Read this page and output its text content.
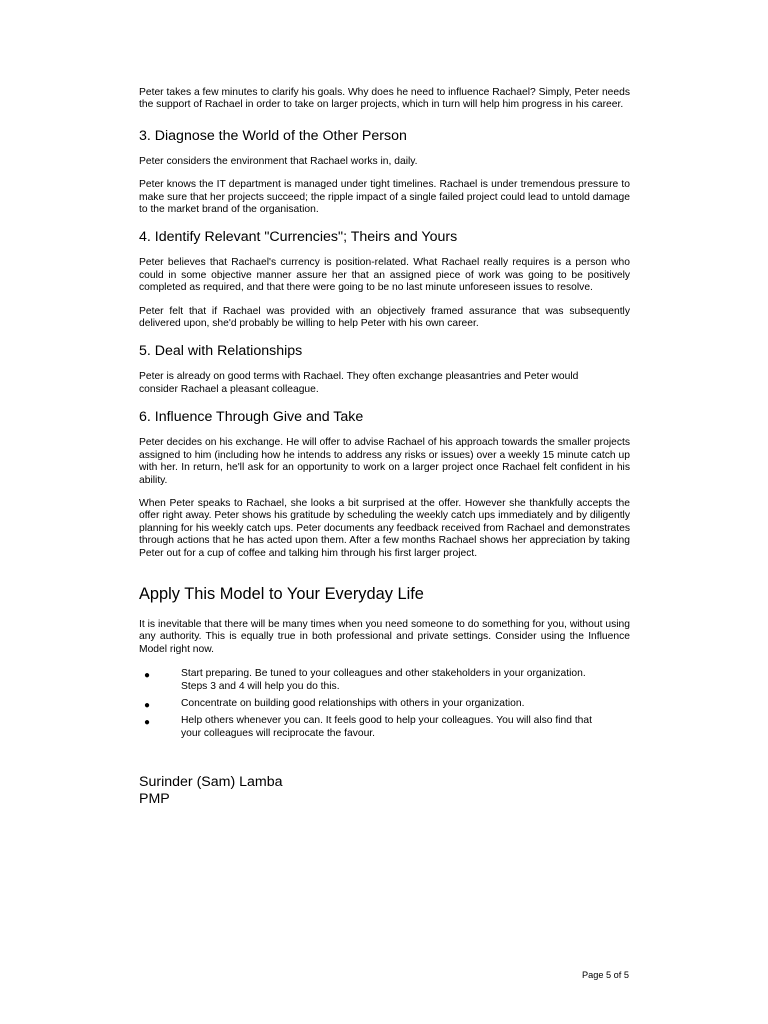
Peter takes a few minutes to clarify his goals. Why does he need to influence Rachael? Simply, Peter needs the support of Rachael in order to take on larger projects, which in turn will help him progress in his career.

3. Diagnose the World of the Other Person

Peter considers the environment that Rachael works in, daily.

Peter knows the IT department is managed under tight timelines. Rachael is under tremendous pressure to make sure that her projects succeed; the ripple impact of a single failed project could lead to untold damage to the market brand of the organisation.

4. Identify Relevant "Currencies"; Theirs and Yours

Peter believes that Rachael's currency is position-related. What Rachael really requires is a person who could in some objective manner assure her that an assigned piece of work was going to be positively completed as required, and that there were going to be no last minute unforeseen issues to resolve.

Peter felt that if Rachael was provided with an objectively framed assurance that was subsequently delivered upon, she'd probably be willing to help Peter with his own career.

5. Deal with Relationships

Peter is already on good terms with Rachael. They often exchange pleasantries and Peter would consider Rachael a pleasant colleague.

6. Influence Through Give and Take

Peter decides on his exchange. He will offer to advise Rachael of his approach towards the smaller projects assigned to him (including how he intends to address any risks or issues) over a weekly 15 minute catch up with her. In return, he'll ask for an opportunity to work on a larger project once Rachael felt confident in his ability.

When Peter speaks to Rachael, she looks a bit surprised at the offer. However she thankfully accepts the offer right away. Peter shows his gratitude by scheduling the weekly catch ups immediately and by diligently planning for his weekly catch ups. Peter documents any feedback received from Rachael and demonstrates through actions that he has acted upon them. After a few months Rachael shows her appreciation by taking Peter out for a cup of coffee and talking him through his first larger project.

Apply This Model to Your Everyday Life

It is inevitable that there will be many times when you need someone to do something for you, without using any authority. This is equally true in both professional and private settings. Consider using the Influence Model right now.

●	Start preparing. Be tuned to your colleagues and other stakeholders in your organization. Steps 3 and 4 will help you do this.
●	Concentrate on building good relationships with others in your organization.
●	Help others whenever you can. It feels good to help your colleagues. You will also find that your colleagues will reciprocate the favour.
Surinder (Sam) Lamba
PMP
Page 5 of 5
